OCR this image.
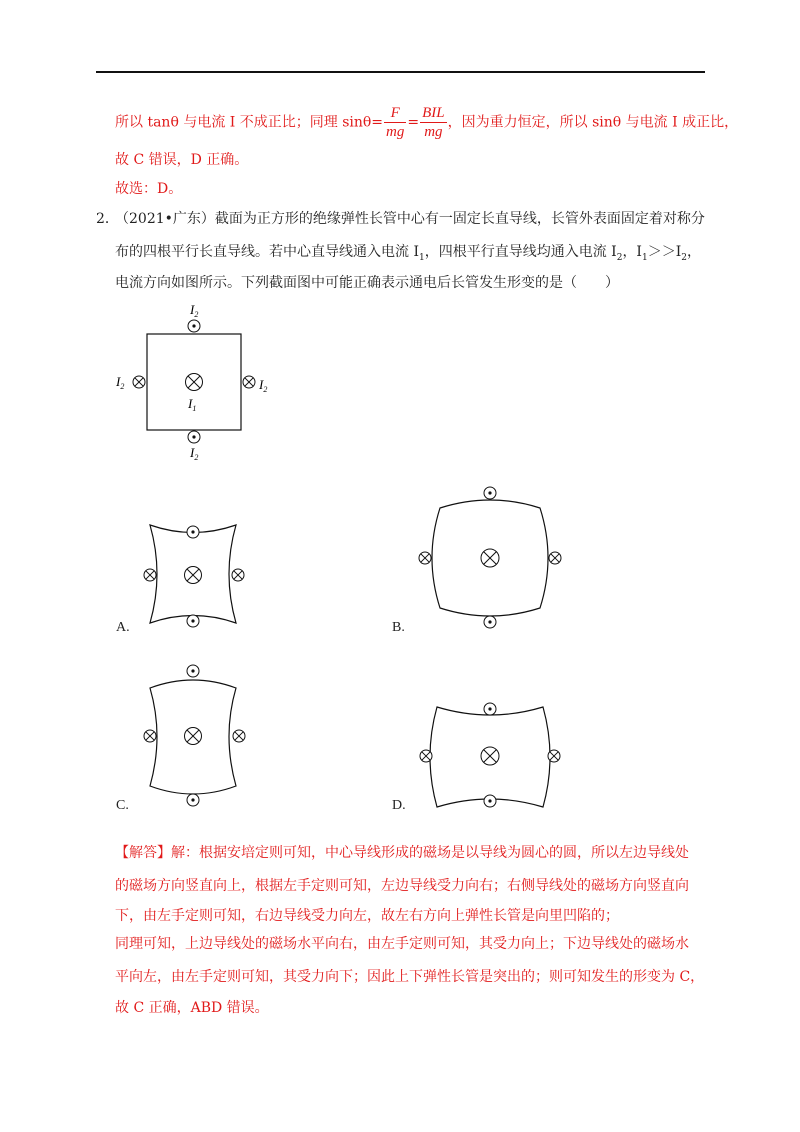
所以 tanθ 与电流 I 不成正比；同理 $\sin\theta= \frac{F}{mg} = \frac{\text{BIL}}{mg}$ ，因为重力恒定，所以 sinθ 与电流 I 成正比，
故 C 错误，D 正确。
故选：D。
2．
（2021•广东）截面为正方形的绝缘弹性长管中心有一固定长直导线，长管外表面固定着对称分
布的四根平行长直导线。若中心直导线通入电流 $I_1$，四根平行直导线均通入电流 $I_2$，$I_1>>I_2$，
电流方向如图所示。下列截面图中可能正确表示通电后长管发生形变的是（　　）
$I_2$
$I_2$	$I_2$
$I_2$
$I_1$
A.	B.
C.	D.
【解答】解：根据安培定则可知，中心导线形成的磁场是以导线为圆心的圆，所以左边导线处
的磁场方向竖直向上，根据左手定则可知，左边导线受力向右；右侧导线处的磁场方向竖直向
下，由左手定则可知，右边导线受力向左，故左右方向上弹性长管是向里凹陷的；
同理可知，上边导线处的磁场水平向右，由左手定则可知，其受力向上；下边导线处的磁场水
平向左，由左手定则可知，其受力向下；因此上下弹性长管是突出的；则可知发生的形变为 C，
故 C 正确，ABD 错误。
